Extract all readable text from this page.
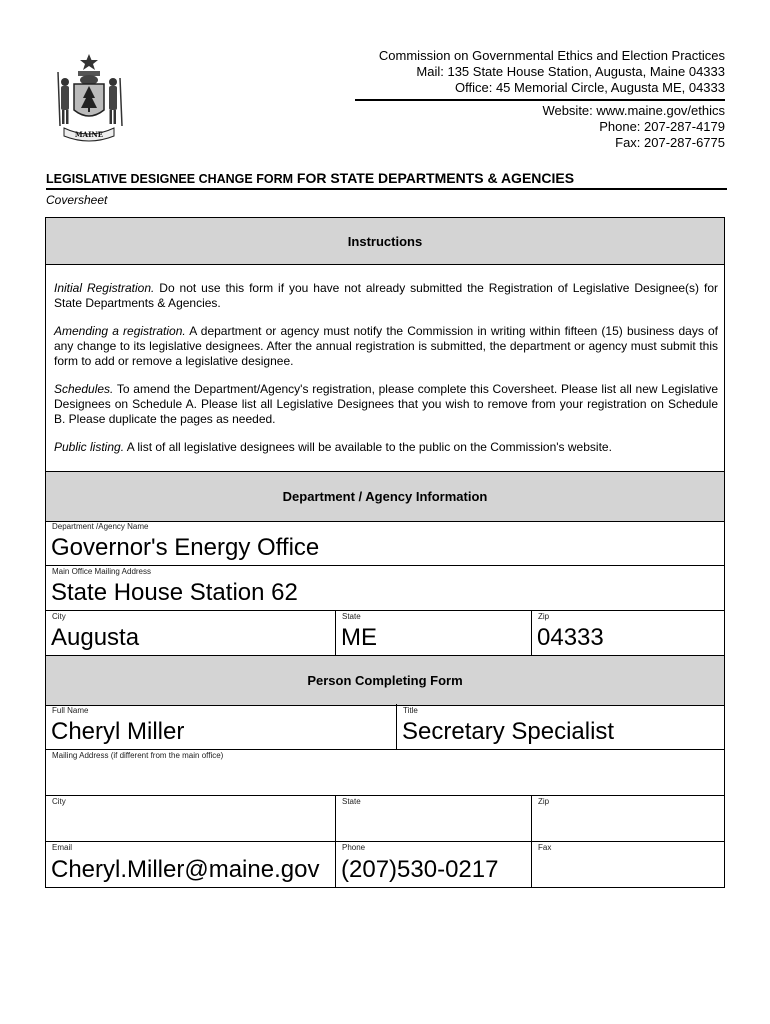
MAINE
Commission on Governmental Ethics and Election Practices
Mail: 135 State House Station, Augusta, Maine 04333
Office: 45 Memorial Circle, Augusta ME, 04333
Website: www.maine.gov/ethics
Phone: 207-287-4179
Fax: 207-287-6775
LEGISLATIVE DESIGNEE CHANGE FORM FOR STATE DEPARTMENTS & AGENCIES
Coversheet
Instructions

Initial Registration. Do not use this form if you have not already submitted the Registration of Legislative Designee(s) for State Departments & Agencies.

Amending a registration. A department or agency must notify the Commission in writing within fifteen (15) business days of any change to its legislative designees. After the annual registration is submitted, the department or agency must submit this form to add or remove a legislative designee.

Schedules. To amend the Department/Agency's registration, please complete this Coversheet. Please list all new Legislative Designees on Schedule A. Please list all Legislative Designees that you wish to remove from your registration on Schedule B. Please duplicate the pages as needed.

Public listing. A list of all legislative designees will be available to the public on the Commission's website.

Department / Agency Information
Department /Agency Name
Governor's Energy Office
Main Office Mailing Address
State House Station 62
City
Augusta
State
ME
Zip
04333
Person Completing Form
Full Name
Cheryl Miller
Title
Secretary Specialist
Mailing Address (if different from the main office)
City	State	Zip
Email
Cheryl.Miller@maine.gov
Phone
(207)530-0217
Fax
